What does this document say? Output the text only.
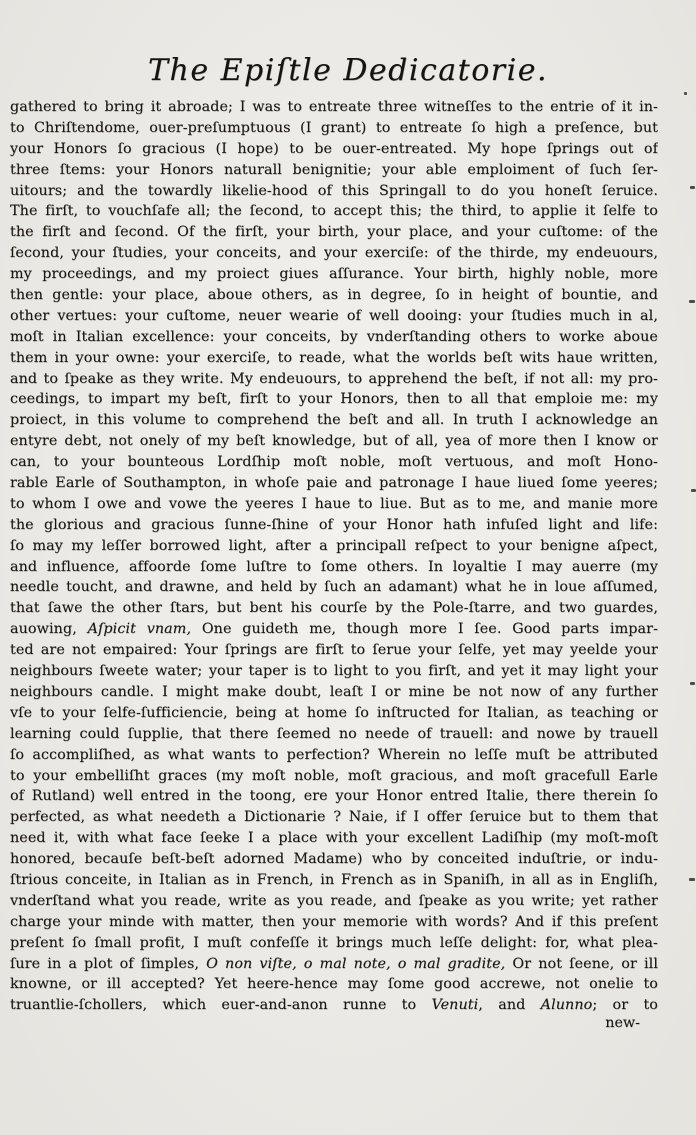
The Epiſtle Dedicatorie.
gathered to bring it abroade; I was to entreate three witneſſes to the entrie of it in-
to Chriſtendome, ouer-preſumptuous (I grant) to entreate ſo high a preſence, but
your Honors ſo gracious (I hope) to be ouer-entreated. My hope ſprings out of
three ſtems: your Honors naturall benignitie; your able emploiment of ſuch ſer-
uitours; and the towardly likelie-hood of this Springall to do you honeſt ſeruice.
The firſt, to vouchſafe all; the ſecond, to accept this; the third, to applie it ſelfe to
the firſt and ſecond. Of the firſt, your birth, your place, and your cuſtome: of the
ſecond, your ſtudies, your conceits, and your exerciſe: of the thirde, my endeuours,
my proceedings, and my proiect giues aſſurance. Your birth, highly noble, more
then gentle: your place, aboue others, as in degree, ſo in height of bountie, and
other vertues: your cuſtome, neuer wearie of well dooing: your ſtudies much in al,
moſt in Italian excellence: your conceits, by vnderſtanding others to worke aboue
them in your owne: your exerciſe, to reade, what the worlds beſt wits haue written,
and to ſpeake as they write. My endeuours, to apprehend the beſt, if not all: my pro-
ceedings, to impart my beſt, firſt to your Honors, then to all that emploie me: my
proiect, in this volume to comprehend the beſt and all. In truth I acknowledge an
entyre debt, not onely of my beſt knowledge, but of all, yea of more then I know or
can, to your bounteous Lordſhip moſt noble, moſt vertuous, and moſt Hono-
rable Earle of Southampton, in whoſe paie and patronage I haue liued ſome yeeres;
to whom I owe and vowe the yeeres I haue to liue. But as to me, and manie more
the glorious and gracious ſunne-ſhine of your Honor hath infuſed light and life:
ſo may my leſſer borrowed light, after a principall reſpect to your benigne aſpect,
and influence, affoorde ſome luſtre to ſome others. In loyaltie I may auerre (my
needle toucht, and drawne, and held by ſuch an adamant) what he in loue aſſumed,
that ſawe the other ſtars, but bent his courſe by the Pole-ſtarre, and two guardes,
auowing, Aſpicit vnam, One guideth me, though more I ſee. Good parts impar-
ted are not empaired: Your ſprings are firſt to ſerue your ſelfe, yet may yeelde your
neighbours ſweete water; your taper is to light to you firſt, and yet it may light your
neighbours candle. I might make doubt, leaſt I or mine be not now of any further
vſe to your ſelfe-ſufficiencie, being at home ſo inſtructed for Italian, as teaching or
learning could ſupplie, that there ſeemed no neede of trauell: and nowe by trauell
ſo accompliſhed, as what wants to perfection? Wherein no leſſe muſt be attributed
to your embelliſht graces (my moſt noble, moſt gracious, and moſt gracefull Earle
of Rutland) well entred in the toong, ere your Honor entred Italie, there therein ſo
perfected, as what needeth a Dictionarie ? Naie, if I offer ſeruice but to them that
need it, with what face ſeeke I a place with your excellent Ladiſhip (my moſt-moſt
honored, becauſe beſt-beſt adorned Madame) who by conceited induſtrie, or indu-
ſtrious conceite, in Italian as in French, in French as in Spaniſh, in all as in Engliſh,
vnderſtand what you reade, write as you reade, and ſpeake as you write; yet rather
charge your minde with matter, then your memorie with words? And if this preſent
preſent ſo ſmall profit, I muſt confeſſe it brings much leſſe delight: for, what plea-
ſure in a plot of ſimples, O non viſte, o mal note, o mal gradite, Or not ſeene, or ill
knowne, or ill accepted? Yet heere-hence may ſome good accrewe, not onelie to
truantlie-ſchollers, which euer-and-anon runne to Venuti, and Alunno; or to
new-
